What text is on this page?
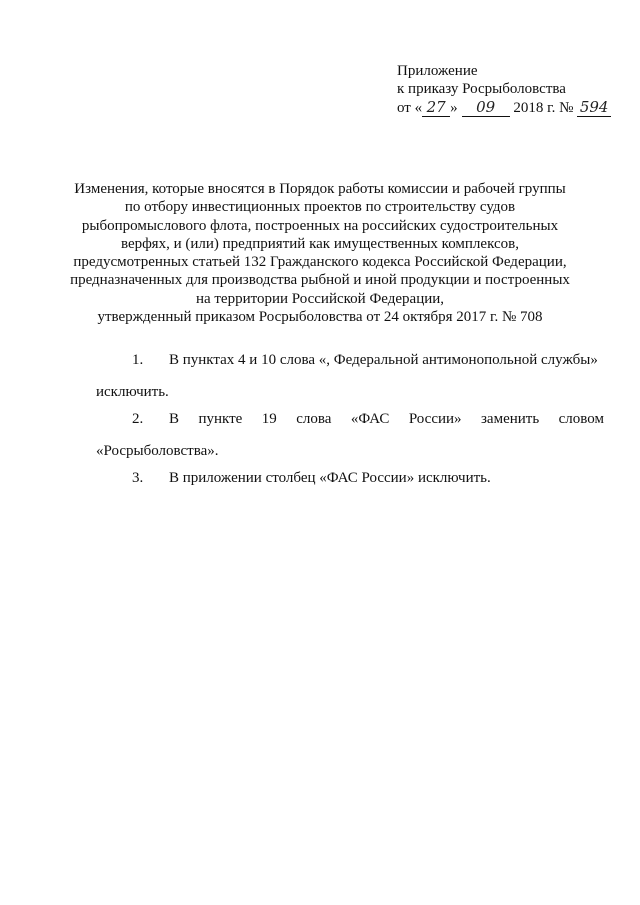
Приложение
к приказу Росрыболовства
от « 27 » 09 2018 г. № 594
Изменения, которые вносятся в Порядок работы комиссии и рабочей группы
по отбору инвестиционных проектов по строительству судов
рыбопромыслового флота, построенных на российских судостроительных
верфях, и (или) предприятий как имущественных комплексов,
предусмотренных статьей 132 Гражданского кодекса Российской Федерации,
предназначенных для производства рыбной и иной продукции и построенных
на территории Российской Федерации,
утвержденный приказом Росрыболовства от 24 октября 2017 г. № 708
1.	В пунктах 4 и 10 слова «, Федеральной антимонопольной службы»
исключить.
2.	В пункте 19 слова «ФАС России» заменить словом
«Росрыболовства».
3.	В приложении столбец «ФАС России» исключить.
